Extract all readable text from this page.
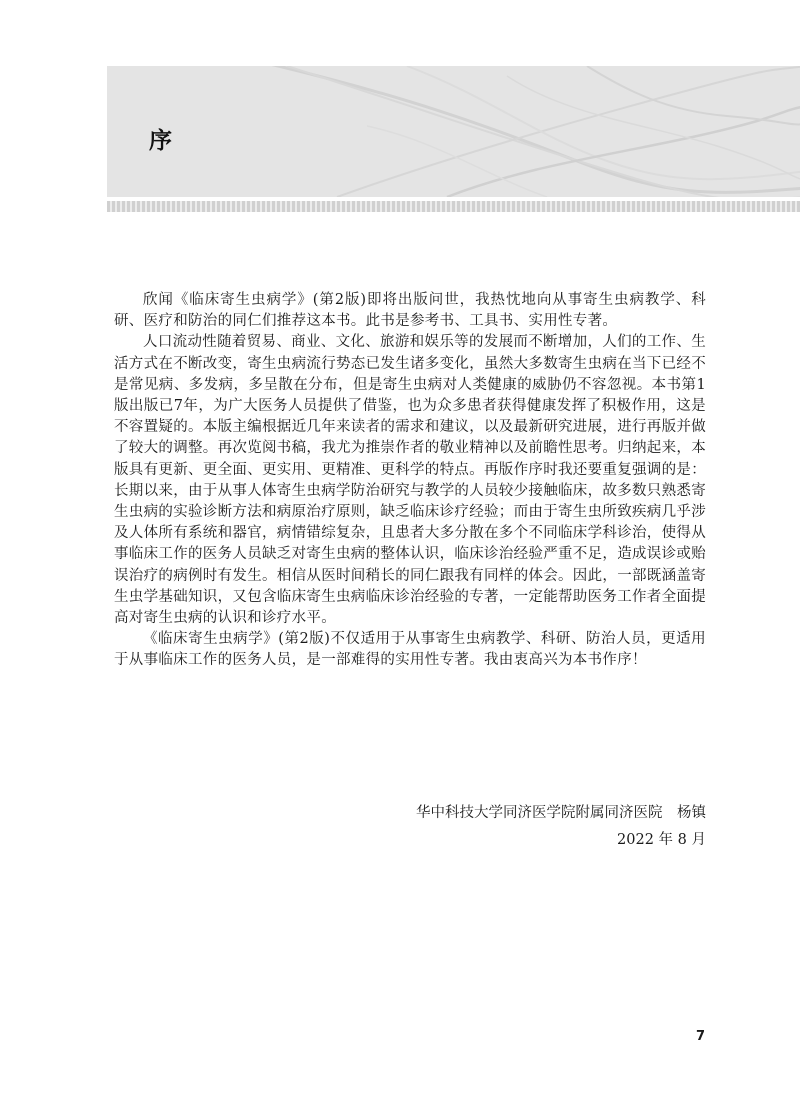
序

欣闻《临床寄生虫病学》(第2版)即将出版问世，我热忱地向从事寄生虫病教学、科研、医疗和防治的同仁们推荐这本书。此书是参考书、工具书、实用性专著。

人口流动性随着贸易、商业、文化、旅游和娱乐等的发展而不断增加，人们的工作、生活方式在不断改变，寄生虫病流行势态已发生诸多变化，虽然大多数寄生虫病在当下已经不是常见病、多发病，多呈散在分布，但是寄生虫病对人类健康的威胁仍不容忽视。本书第1版出版已7年，为广大医务人员提供了借鉴，也为众多患者获得健康发挥了积极作用，这是不容置疑的。本版主编根据近几年来读者的需求和建议，以及最新研究进展，进行再版并做了较大的调整。再次览阅书稿，我尤为推崇作者的敬业精神以及前瞻性思考。归纳起来，本版具有更新、更全面、更实用、更精准、更科学的特点。再版作序时我还要重复强调的是：长期以来，由于从事人体寄生虫病学防治研究与教学的人员较少接触临床，故多数只熟悉寄生虫病的实验诊断方法和病原治疗原则，缺乏临床诊疗经验；而由于寄生虫所致疾病几乎涉及人体所有系统和器官，病情错综复杂，且患者大多分散在多个不同临床学科诊治，使得从事临床工作的医务人员缺乏对寄生虫病的整体认识，临床诊治经验严重不足，造成误诊或贻误治疗的病例时有发生。相信从医时间稍长的同仁跟我有同样的体会。因此，一部既涵盖寄生虫学基础知识，又包含临床寄生虫病临床诊治经验的专著，一定能帮助医务工作者全面提高对寄生虫病的认识和诊疗水平。

《临床寄生虫病学》(第2版)不仅适用于从事寄生虫病教学、科研、防治人员，更适用于从事临床工作的医务人员，是一部难得的实用性专著。我由衷高兴为本书作序！

华中科技大学同济医学院附属同济医院　杨镇
2022 年 8 月
7
